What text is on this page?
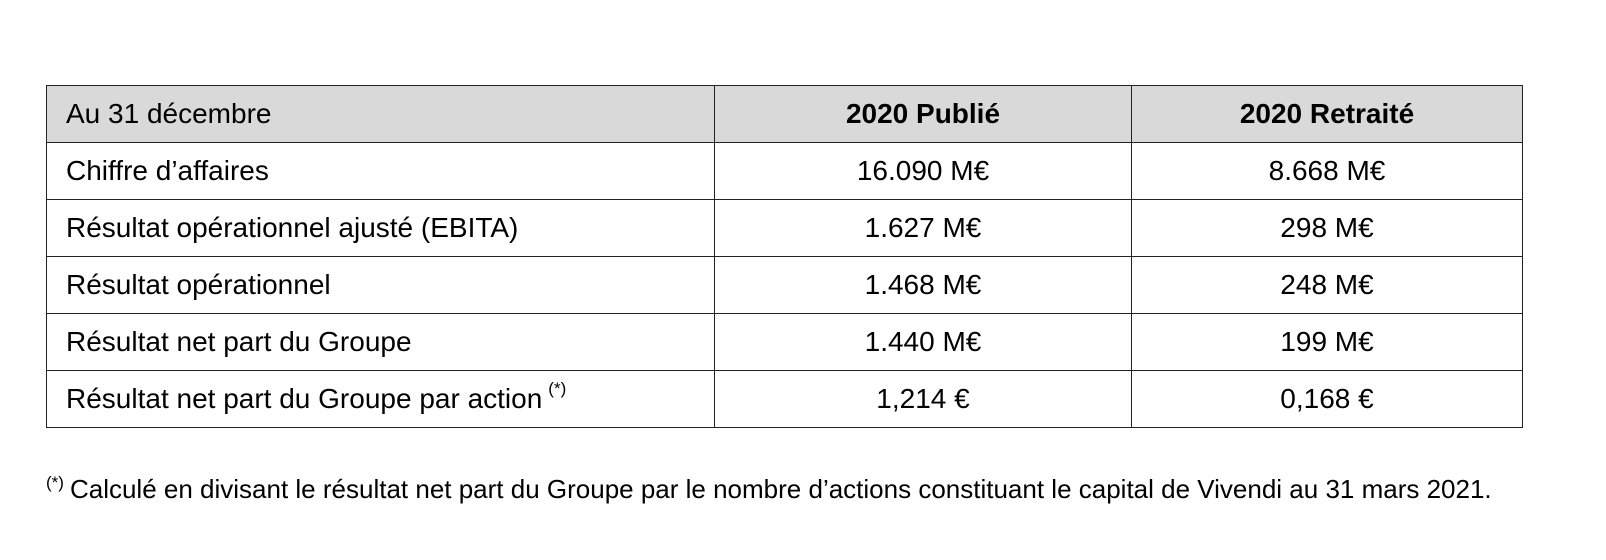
Au 31 décembre	2020 Publié	2020 Retraité
Chiffre d’affaires	16.090 M€	8.668 M€
Résultat opérationnel ajusté (EBITA)	1.627 M€	298 M€
Résultat opérationnel	1.468 M€	248 M€
Résultat net part du Groupe	1.440 M€	199 M€
Résultat net part du Groupe par action (*)	1,214 €	0,168 €
(*) Calculé en divisant le résultat net part du Groupe par le nombre d’actions constituant le capital de Vivendi au 31 mars 2021.
